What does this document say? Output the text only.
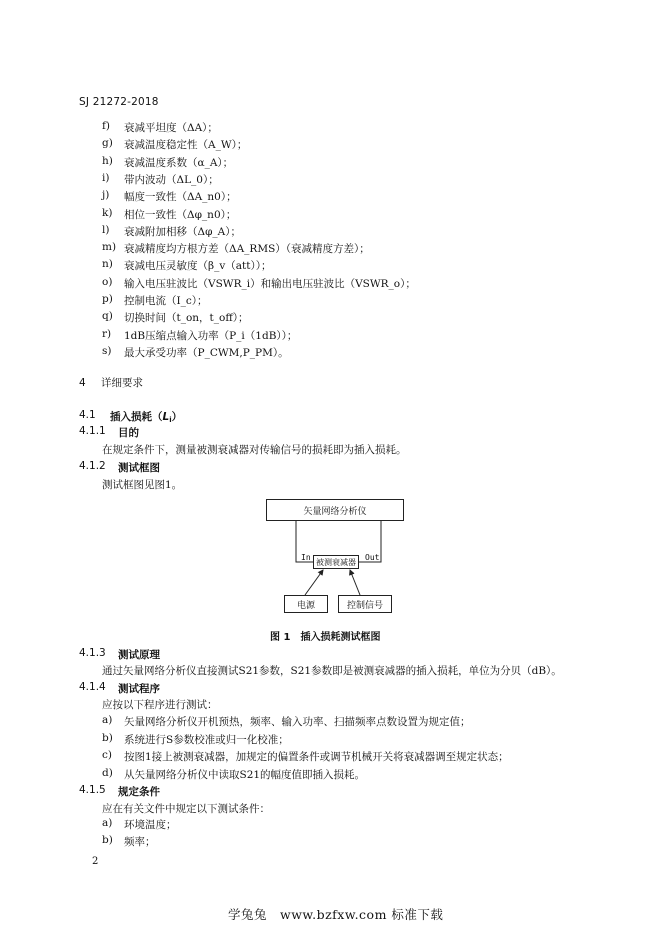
SJ 21272-2018
f) 衰减平坦度（ΔA）；
g) 衰减温度稳定性（A_W）；
h) 衰减温度系数（α_A）；
i) 带内波动（ΔL_0）；
j) 幅度一致性（ΔA_n0）；
k) 相位一致性（Δφ_n0）；
l) 衰减附加相移（Δφ_A）；
m) 衰减精度均方根方差（ΔA_RMS）（衰减精度方差）；
n) 衰减电压灵敏度（β_v（att））；
o) 输入电压驻波比（VSWR_i）和输出电压驻波比（VSWR_o）；
p) 控制电流（I_c）；
q) 切换时间（t_on，t_off）；
r) 1dB压缩点输入功率（P_i（1dB））；
s) 最大承受功率（P_CWM,P_PM）。
4 详细要求
4.1 插入损耗$(L_i)$
4.1.1 目的
在规定条件下，测量被测衰减器对传输信号的损耗即为插入损耗。
4.1.2 测试框图
测试框图见图1。
矢量网络分析仪
被测衰减器
电源	控制信号
In	Out
图 1　插入损耗测试框图
4.1.3 测试原理
通过矢量网络分析仪直接测试S21参数，S21参数即是被测衰减器的插入损耗，单位为分贝（dB）。
4.1.4 测试程序
应按以下程序进行测试：
a) 矢量网络分析仪开机预热，频率、输入功率、扫描频率点数设置为规定值；
b) 系统进行S参数校准或归一化校准；
c) 按图1接上被测衰减器，加规定的偏置条件或调节机械开关将衰减器调至规定状态；
d) 从矢量网络分析仪中读取S21的幅度值即插入损耗。
4.1.5 规定条件
应在有关文件中规定以下测试条件：
a) 环境温度；
b) 频率；
2
学兔兔　www.bzfxw.com 标准下载
